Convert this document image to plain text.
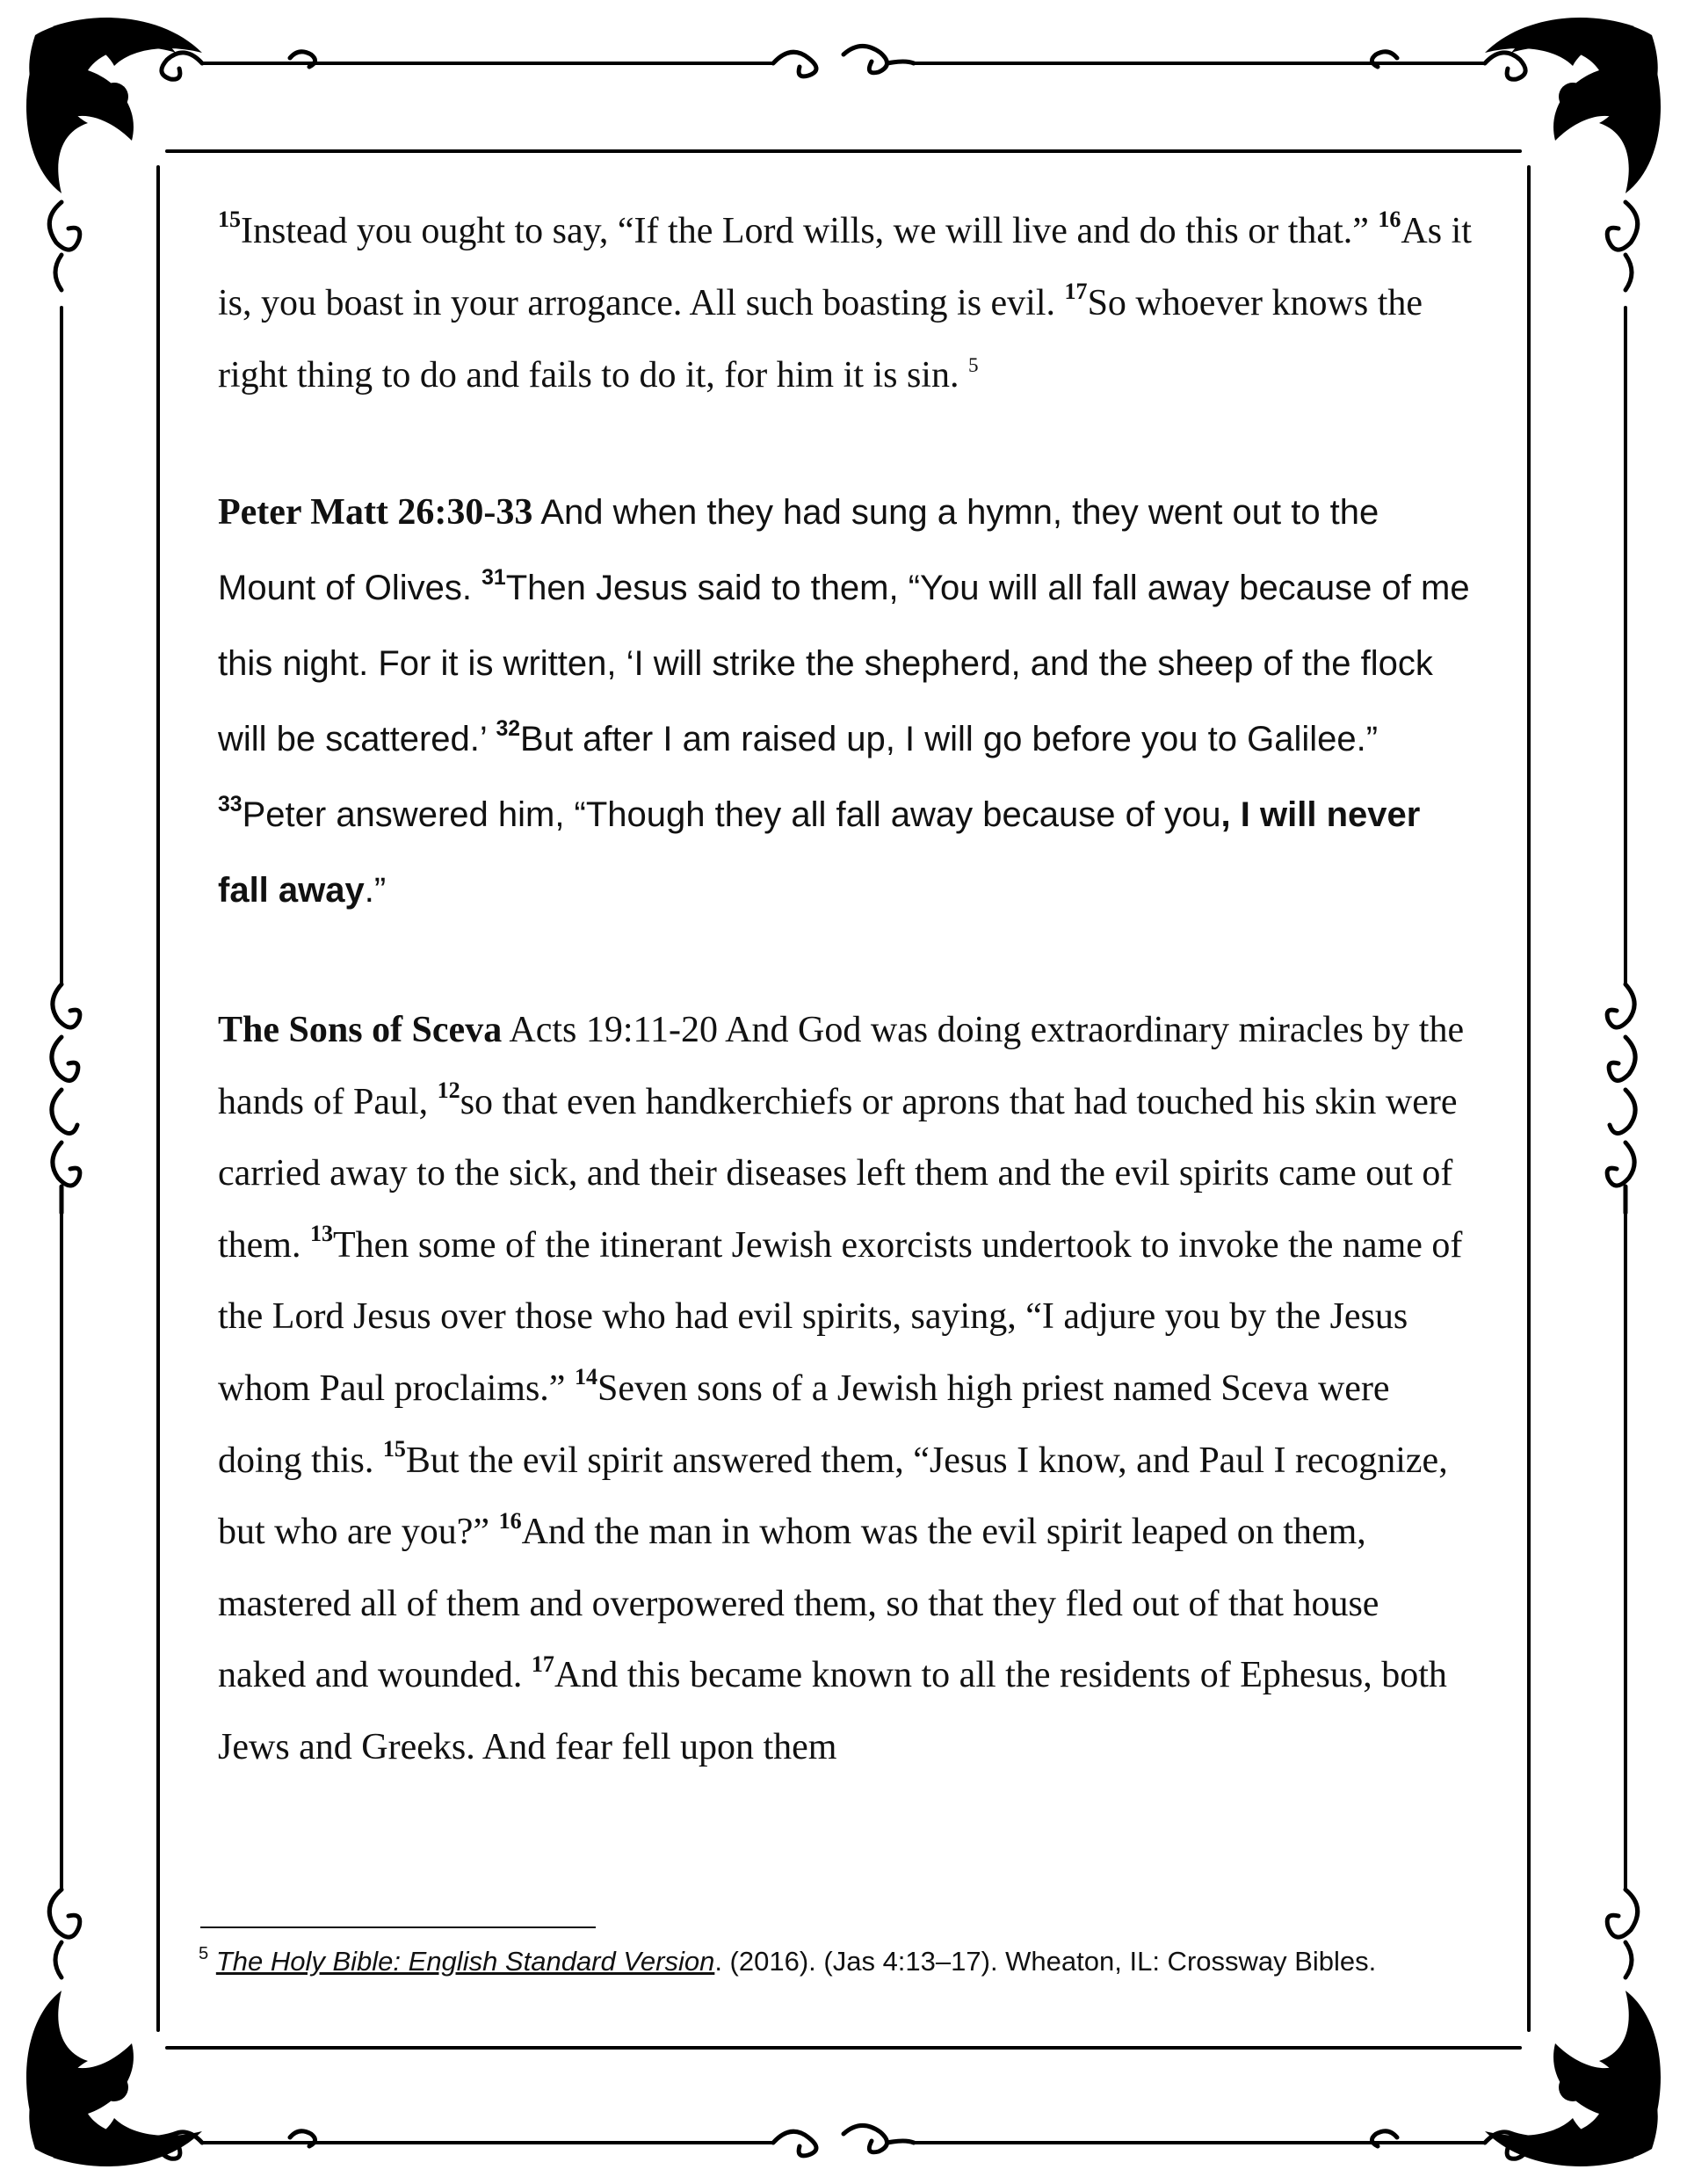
$^{15}$Instead you ought to say, “If the Lord wills, we will live and do this or that.” $^{16}$As it is, you boast in your arrogance. All such boasting is evil. $^{17}$So whoever knows the right thing to do and fails to do it, for him it is sin. $^5$

Peter Matt 26:30-33 And when they had sung a hymn, they went out to the Mount of Olives. $^{31}$Then Jesus said to them, “You will all fall away because of me this night. For it is written, ‘I will strike the shepherd, and the sheep of the flock will be scattered.’ $^{32}$But after I am raised up, I will go before you to Galilee.” $^{33}$Peter answered him, “Though they all fall away because of you, I will never fall away.”

The Sons of Sceva Acts 19:11-20 And God was doing extraordinary miracles by the hands of Paul, $^{12}$so that even handkerchiefs or aprons that had touched his skin were carried away to the sick, and their diseases left them and the evil spirits came out of them. $^{13}$Then some of the itinerant Jewish exorcists undertook to invoke the name of the Lord Jesus over those who had evil spirits, saying, “I adjure you by the Jesus whom Paul proclaims.” $^{14}$Seven sons of a Jewish high priest named Sceva were doing this. $^{15}$But the evil spirit answered them, “Jesus I know, and Paul I recognize, but who are you?” $^{16}$And the man in whom was the evil spirit leaped on them, mastered all of them and overpowered them, so that they fled out of that house naked and wounded. $^{17}$And this became known to all the residents of Ephesus, both Jews and Greeks. And fear fell upon them

$^5$ The Holy Bible: English Standard Version. (2016). (Jas 4:13–17). Wheaton, IL: Crossway Bibles.
